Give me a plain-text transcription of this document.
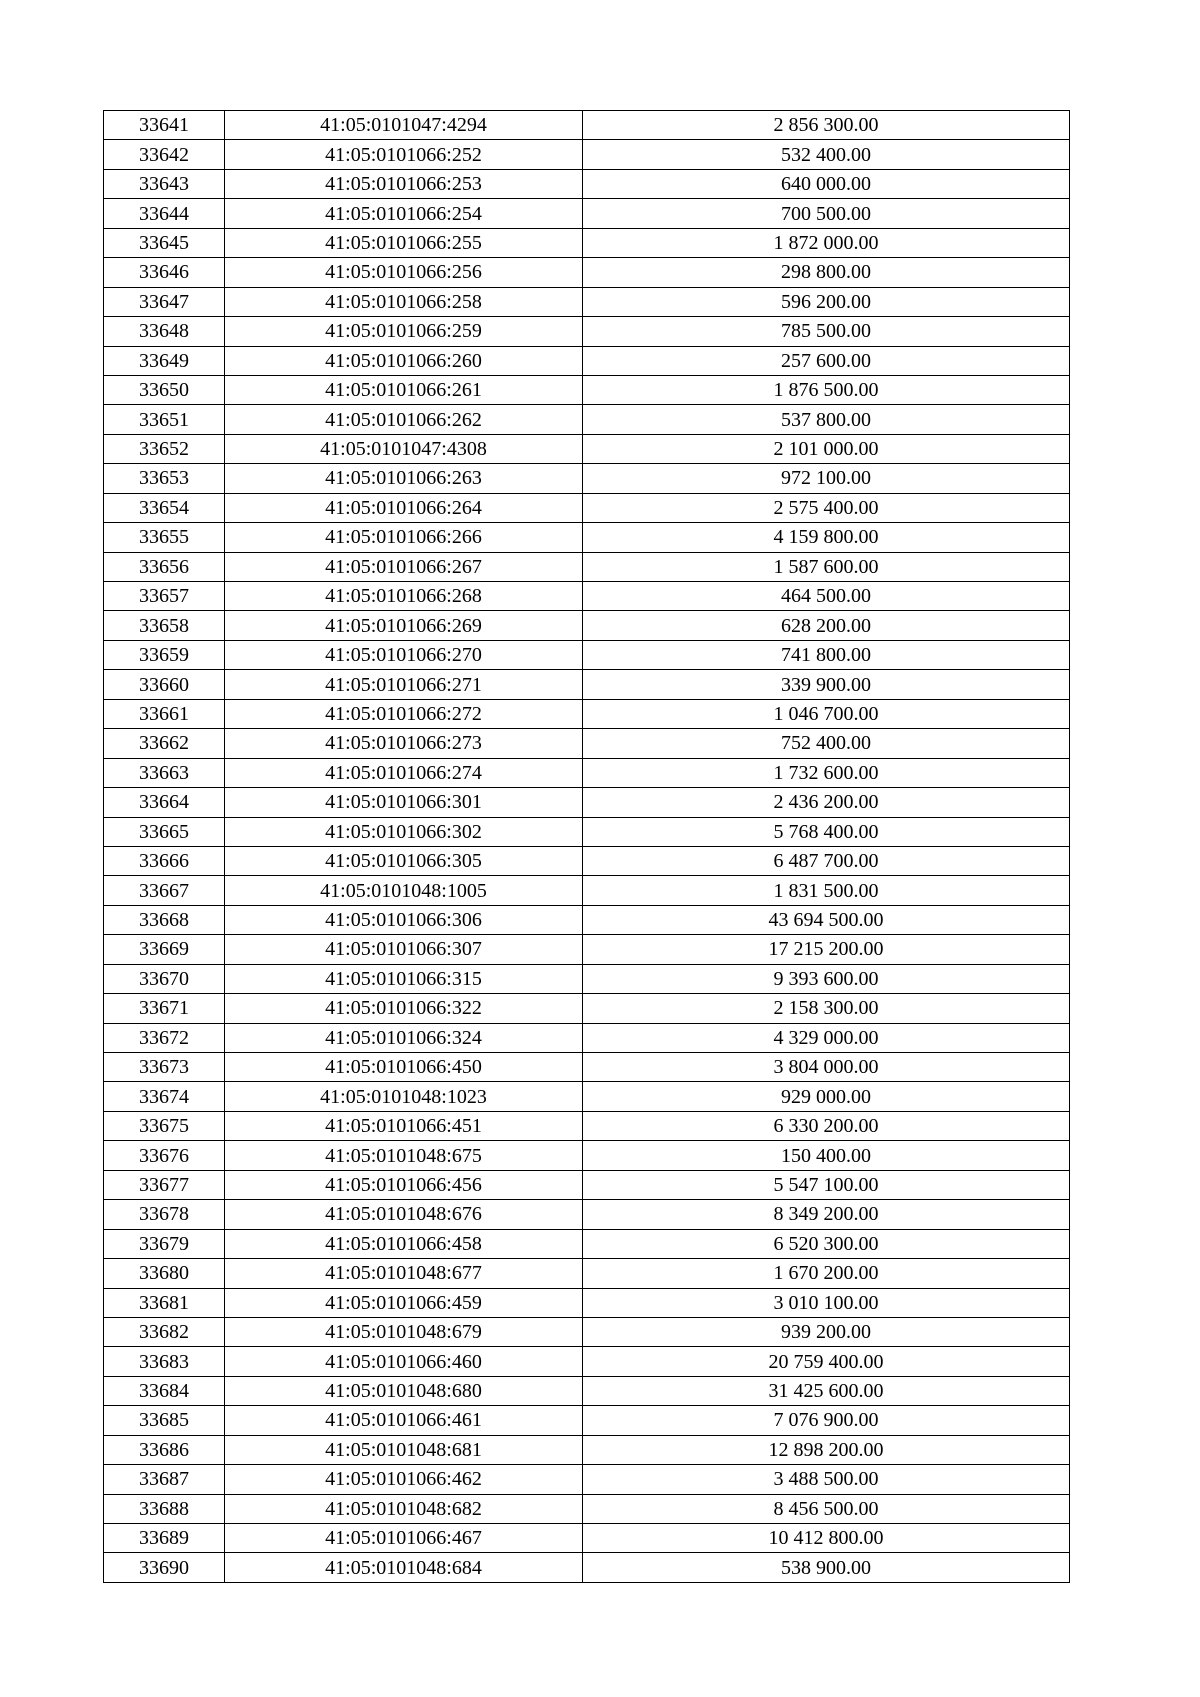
33641	41:05:0101047:4294	2 856 300.00
33642	41:05:0101066:252	532 400.00
33643	41:05:0101066:253	640 000.00
33644	41:05:0101066:254	700 500.00
33645	41:05:0101066:255	1 872 000.00
33646	41:05:0101066:256	298 800.00
33647	41:05:0101066:258	596 200.00
33648	41:05:0101066:259	785 500.00
33649	41:05:0101066:260	257 600.00
33650	41:05:0101066:261	1 876 500.00
33651	41:05:0101066:262	537 800.00
33652	41:05:0101047:4308	2 101 000.00
33653	41:05:0101066:263	972 100.00
33654	41:05:0101066:264	2 575 400.00
33655	41:05:0101066:266	4 159 800.00
33656	41:05:0101066:267	1 587 600.00
33657	41:05:0101066:268	464 500.00
33658	41:05:0101066:269	628 200.00
33659	41:05:0101066:270	741 800.00
33660	41:05:0101066:271	339 900.00
33661	41:05:0101066:272	1 046 700.00
33662	41:05:0101066:273	752 400.00
33663	41:05:0101066:274	1 732 600.00
33664	41:05:0101066:301	2 436 200.00
33665	41:05:0101066:302	5 768 400.00
33666	41:05:0101066:305	6 487 700.00
33667	41:05:0101048:1005	1 831 500.00
33668	41:05:0101066:306	43 694 500.00
33669	41:05:0101066:307	17 215 200.00
33670	41:05:0101066:315	9 393 600.00
33671	41:05:0101066:322	2 158 300.00
33672	41:05:0101066:324	4 329 000.00
33673	41:05:0101066:450	3 804 000.00
33674	41:05:0101048:1023	929 000.00
33675	41:05:0101066:451	6 330 200.00
33676	41:05:0101048:675	150 400.00
33677	41:05:0101066:456	5 547 100.00
33678	41:05:0101048:676	8 349 200.00
33679	41:05:0101066:458	6 520 300.00
33680	41:05:0101048:677	1 670 200.00
33681	41:05:0101066:459	3 010 100.00
33682	41:05:0101048:679	939 200.00
33683	41:05:0101066:460	20 759 400.00
33684	41:05:0101048:680	31 425 600.00
33685	41:05:0101066:461	7 076 900.00
33686	41:05:0101048:681	12 898 200.00
33687	41:05:0101066:462	3 488 500.00
33688	41:05:0101048:682	8 456 500.00
33689	41:05:0101066:467	10 412 800.00
33690	41:05:0101048:684	538 900.00
